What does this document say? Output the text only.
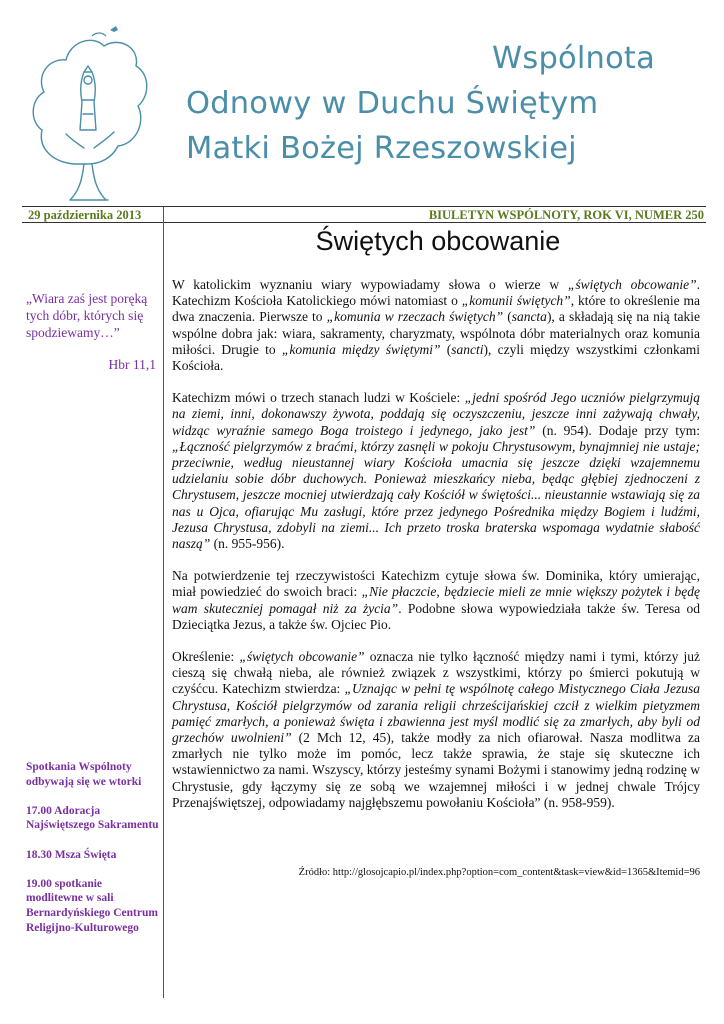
Wspólnota
Odnowy w Duchu Świętym
Matki Bożej Rzeszowskiej
29 października 2013	BIULETYN WSPÓLNOTY, ROK VI, NUMER 250
„Wiara zaś jest poręką tych dóbr, których się spodziewamy…”
Hbr 11,1

Spotkania Wspólnoty odbywają się we wtorki

17.00 Adoracja Najświętszego Sakramentu

18.30 Msza Święta

19.00 spotkanie modlitewne w sali Bernardyńskiego Centrum Religijno-Kulturowego

Świętych obcowanie

W katolickim wyznaniu wiary wypowiadamy słowa o wierze w „świętych obcowanie”. Katechizm Kościoła Katolickiego mówi natomiast o „komunii świętych”, które to określenie ma dwa znaczenia. Pierwsze to „komunia w rzeczach świętych” (sancta), a składają się na nią takie wspólne dobra jak: wiara, sakramenty, charyzmaty, wspólnota dóbr materialnych oraz komunia miłości. Drugie to „komunia między świętymi” (sancti), czyli między wszystkimi członkami Kościoła.

Katechizm mówi o trzech stanach ludzi w Kościele: „jedni spośród Jego uczniów pielgrzymują na ziemi, inni, dokonawszy żywota, poddają się oczyszczeniu, jeszcze inni zażywają chwały, widząc wyraźnie samego Boga troistego i jedynego, jako jest” (n. 954). Dodaje przy tym: „Łączność pielgrzymów z braćmi, którzy zasnęli w pokoju Chrystusowym, bynajmniej nie ustaje; przeciwnie, według nieustannej wiary Kościoła umacnia się jeszcze dzięki wzajemnemu udzielaniu sobie dóbr duchowych. Ponieważ mieszkańcy nieba, będąc głębiej zjednoczeni z Chrystusem, jeszcze mocniej utwierdzają cały Kościół w świętości... nieustannie wstawiają się za nas u Ojca, ofiarując Mu zasługi, które przez jedynego Pośrednika między Bogiem i ludźmi, Jezusa Chrystusa, zdobyli na ziemi... Ich przeto troska braterska wspomaga wydatnie słabość naszą” (n. 955-956).

Na potwierdzenie tej rzeczywistości Katechizm cytuje słowa św. Dominika, który umierając, miał powiedzieć do swoich braci: „Nie płaczcie, będziecie mieli ze mnie większy pożytek i będę wam skuteczniej pomagał niż za życia”. Podobne słowa wypowiedziała także św. Teresa od Dzieciątka Jezus, a także św. Ojciec Pio.

Określenie: „świętych obcowanie” oznacza nie tylko łączność między nami i tymi, którzy już cieszą się chwałą nieba, ale również związek z wszystkimi, którzy po śmierci pokutują w czyśćcu. Katechizm stwierdza: „Uznając w pełni tę wspólnotę całego Mistycznego Ciała Jezusa Chrystusa, Kościół pielgrzymów od zarania religii chrześcijańskiej czcił z wielkim pietyzmem pamięć zmarłych, a ponieważ święta i zbawienna jest myśl modlić się za zmarłych, aby byli od grzechów uwolnieni” (2 Mch 12, 45), także modły za nich ofiarował. Nasza modlitwa za zmarłych nie tylko może im pomóc, lecz także sprawia, że staje się skuteczne ich wstawiennictwo za nami. Wszyscy, którzy jesteśmy synami Bożymi i stanowimy jedną rodzinę w Chrystusie, gdy łączymy się ze sobą we wzajemnej miłości i w jednej chwale Trójcy Przenajświętszej, odpowiadamy najgłębszemu powołaniu Kościoła” (n. 958-959).

Źródło: http://glosojcapio.pl/index.php?option=com_content&task=view&id=1365&Itemid=96
